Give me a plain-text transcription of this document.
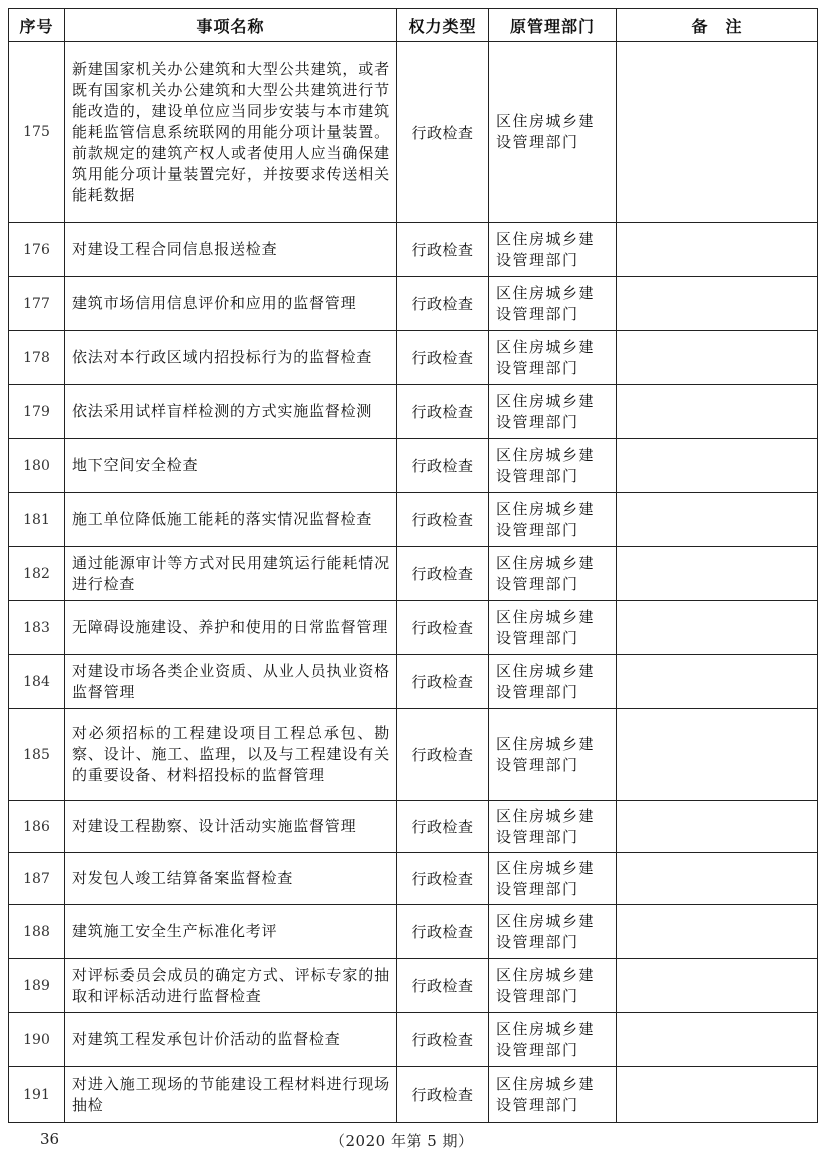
序号	事项名称	权力类型	原管理部门	备　注
175	新建国家机关办公建筑和大型公共建筑，或者既有国家机关办公建筑和大型公共建筑进行节能改造的，建设单位应当同步安装与本市建筑能耗监管信息系统联网的用能分项计量装置。前款规定的建筑产权人或者使用人应当确保建筑用能分项计量装置完好，并按要求传送相关能耗数据	行政检查	区住房城乡建设管理部门	
176	对建设工程合同信息报送检查	行政检查	区住房城乡建设管理部门	
177	建筑市场信用信息评价和应用的监督管理	行政检查	区住房城乡建设管理部门	
178	依法对本行政区域内招投标行为的监督检查	行政检查	区住房城乡建设管理部门	
179	依法采用试样盲样检测的方式实施监督检测	行政检查	区住房城乡建设管理部门	
180	地下空间安全检查	行政检查	区住房城乡建设管理部门	
181	施工单位降低施工能耗的落实情况监督检查	行政检查	区住房城乡建设管理部门	
182	通过能源审计等方式对民用建筑运行能耗情况进行检查	行政检查	区住房城乡建设管理部门	
183	无障碍设施建设、养护和使用的日常监督管理	行政检查	区住房城乡建设管理部门	
184	对建设市场各类企业资质、从业人员执业资格监督管理	行政检查	区住房城乡建设管理部门	
185	对必须招标的工程建设项目工程总承包、勘察、设计、施工、监理，以及与工程建设有关的重要设备、材料招投标的监督管理	行政检查	区住房城乡建设管理部门	
186	对建设工程勘察、设计活动实施监督管理	行政检查	区住房城乡建设管理部门	
187	对发包人竣工结算备案监督检查	行政检查	区住房城乡建设管理部门	
188	建筑施工安全生产标准化考评	行政检查	区住房城乡建设管理部门	
189	对评标委员会成员的确定方式、评标专家的抽取和评标活动进行监督检查	行政检查	区住房城乡建设管理部门	
190	对建筑工程发承包计价活动的监督检查	行政检查	区住房城乡建设管理部门	
191	对进入施工现场的节能建设工程材料进行现场抽检	行政检查	区住房城乡建设管理部门	
36	（2020 年第 5 期）
